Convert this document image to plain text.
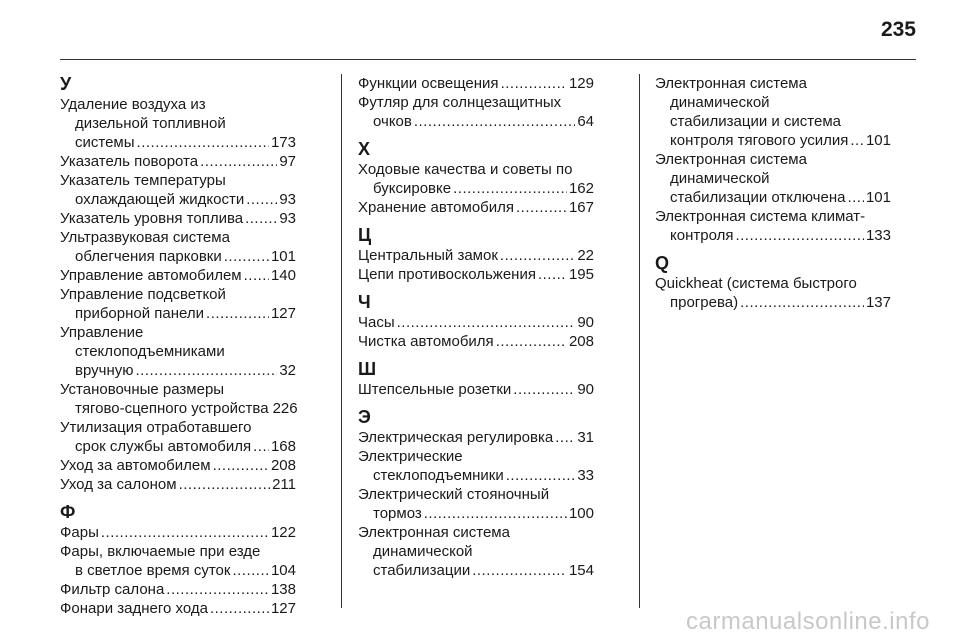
235
У
Удаление воздуха из
дизельной топливной
системы .....	173
Указатель поворота .....	97
Указатель температуры
охлаждающей жидкости ..... 93
Указатель уровня топлива ..... 93
Ультразвуковая система
облегчения парковки .....	101
Управление автомобилем ..... 140
Управление подсветкой
приборной панели .....	127
Управление
стеклоподъемниками
вручную .....	32
Установочные размеры
тягово-сцепного устройства 226
Утилизация отработавшего
срок службы автомобиля ..... 168
Уход за автомобилем .....	208
Уход за салоном .....	211
Ф
Фары .....	122
Фары, включаемые при езде
в светлое время суток .....	104
Фильтр салона .....	138
Фонари заднего хода .....	127
Функции освещения .....	129
Футляр для солнцезащитных
очков .....	64
Х
Ходовые качества и советы по
буксировке .....	162
Хранение автомобиля .....	167
Ц
Центральный замок .....	22
Цепи противоскольжения ..... 195
Ч
Часы .....	90
Чистка автомобиля .....	208
Ш
Штепсельные розетки .....	90
Э
Электрическая регулировка ..... 31
Электрические
стеклоподъемники .....	33
Электрический стояночный
тормоз .....	100
Электронная система
динамической
стабилизации .....	154
Электронная система
динамической
стабилизации и система
контроля тягового усилия ..... 101
Электронная система
динамической
стабилизации отключена ..... 101
Электронная система климат-
контроля .....	133
Q
Quickheat (система быстрого
прогрева) .....	137
carmanualsonline.info
